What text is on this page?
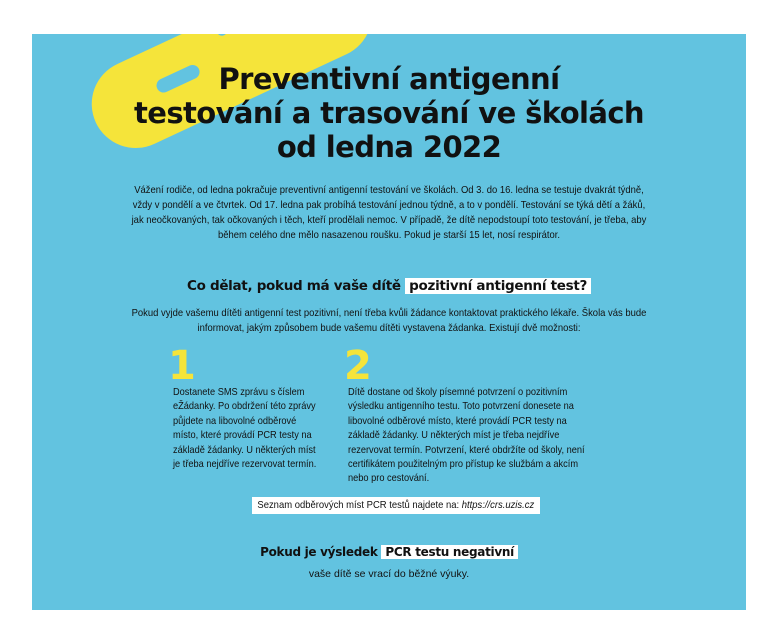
Preventivní antigenní
testování a trasování ve školách
od ledna 2022

Vážení rodiče, od ledna pokračuje preventivní antigenní testování ve školách. Od 3. do 16. ledna se testuje dvakrát týdně, vždy v pondělí a ve čtvrtek. Od 17. ledna pak probíhá testování jednou týdně, a to v pondělí. Testování se týká dětí a žáků, jak neočkovaných, tak očkovaných i těch, kteří prodělali nemoc. V případě, že dítě nepodstoupí toto testování, je třeba, aby během celého dne mělo nasazenou roušku. Pokud je starší 15 let, nosí respirátor.

Co dělat, pokud má vaše dítě pozitivní antigenní test?

Pokud vyjde vašemu dítěti antigenní test pozitivní, není třeba kvůli žádance kontaktovat praktického lékaře. Škola vás bude informovat, jakým způsobem bude vašemu dítěti vystavena žádanka. Existují dvě možnosti:

1
Dostanete SMS zprávu s číslem eŽádanky. Po obdržení této zprávy půjdete na libovolné odběrové místo, které provádí PCR testy na základě žádanky. U některých míst je třeba nejdříve rezervovat termín.
2
Dítě dostane od školy písemné potvrzení o pozitivním výsledku antigenního testu. Toto potvrzení donesete na libovolné odběrové místo, které provádí PCR testy na základě žádanky. U některých míst je třeba nejdříve rezervovat termín. Potvrzení, které obdržíte od školy, není certifikátem použitelným pro přístup ke službám a akcím nebo pro cestování.
Seznam odběrových míst PCR testů najdete na: https://crs.uzis.cz
Pokud je výsledek PCR testu negativní
vaše dítě se vrací do běžné výuky.
